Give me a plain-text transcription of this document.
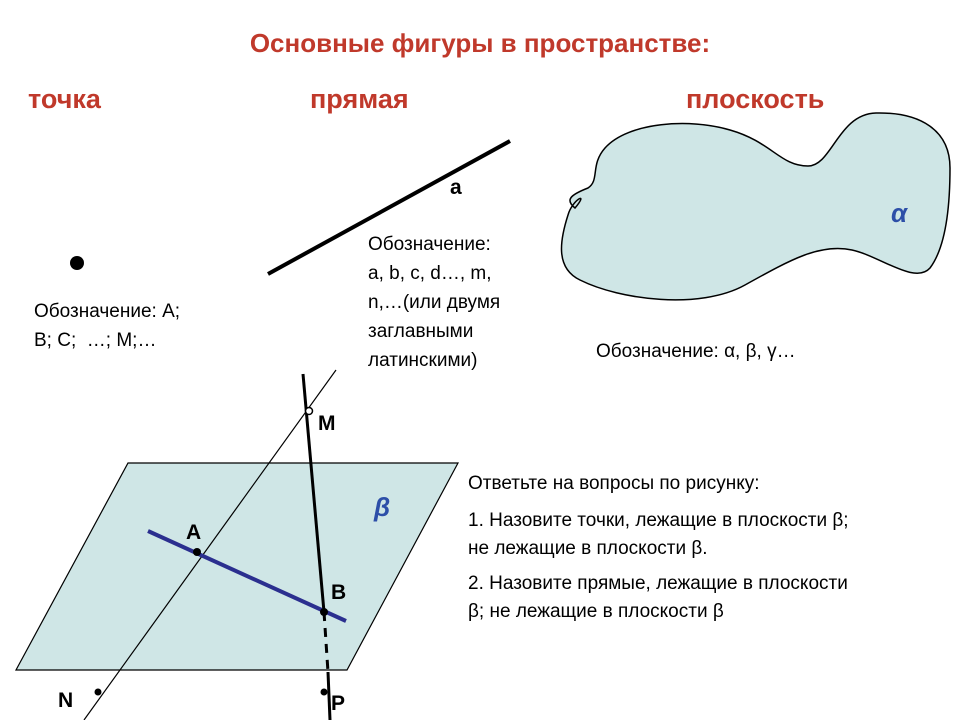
Основные фигуры в пространстве:
точка	прямая	плоскость
a
α
β
M
A
B
N	P
Обозначение: A;
B; C;  …; M;…
Обозначение:
a, b, c, d…, m,
n,…(или двумя
заглавными
латинскими)	Обозначение: α, β, γ…
Ответьте на вопросы по рисунку:
1. Назовите точки, лежащие в плоскости β;
не лежащие в плоскости β.
2. Назовите прямые, лежащие в плоскости
β; не лежащие в плоскости β
